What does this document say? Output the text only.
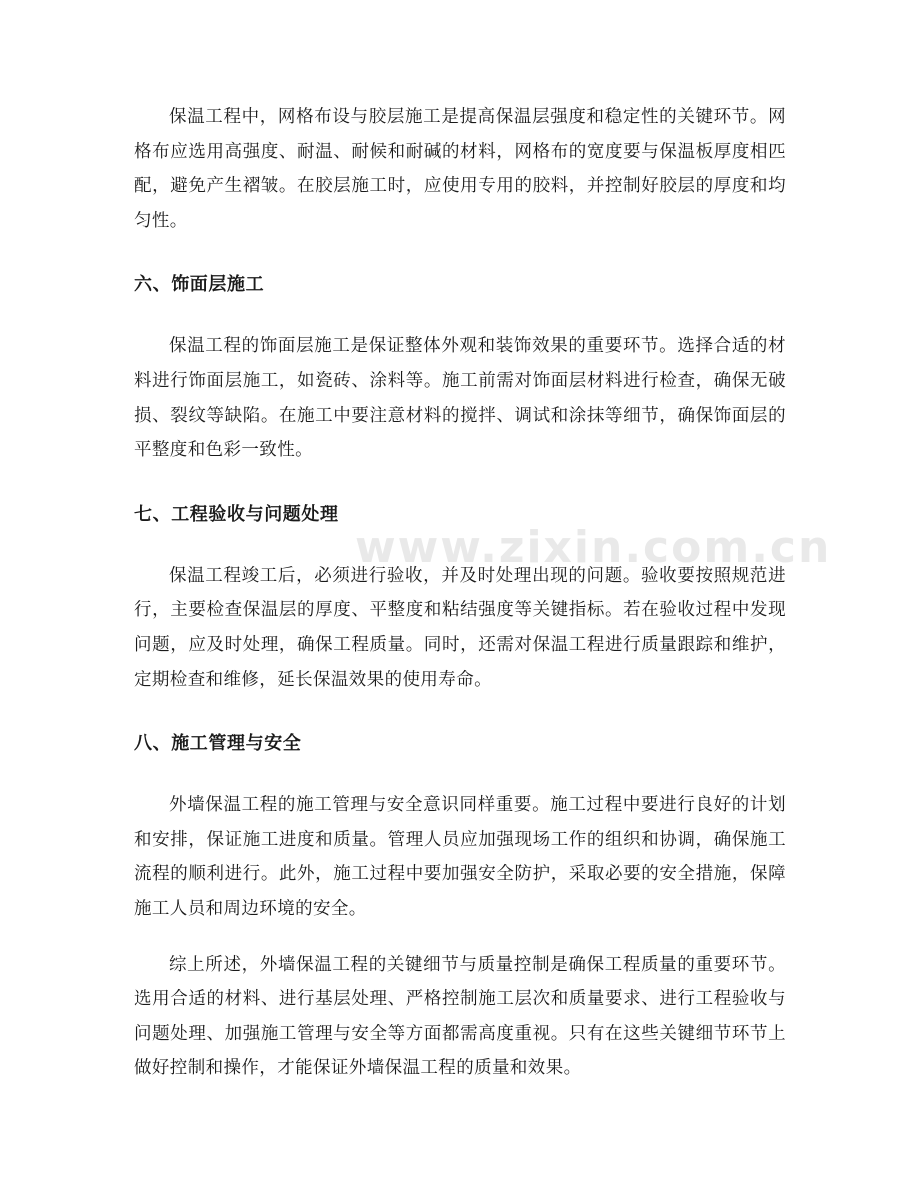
www.zixin.com.cn

保温工程中，网格布设与胶层施工是提高保温层强度和稳定性的关键环节。网格布应选用高强度、耐温、耐候和耐碱的材料，网格布的宽度要与保温板厚度相匹配，避免产生褶皱。在胶层施工时，应使用专用的胶料，并控制好胶层的厚度和均匀性。

六、饰面层施工

保温工程的饰面层施工是保证整体外观和装饰效果的重要环节。选择合适的材料进行饰面层施工，如瓷砖、涂料等。施工前需对饰面层材料进行检查，确保无破损、裂纹等缺陷。在施工中要注意材料的搅拌、调试和涂抹等细节，确保饰面层的平整度和色彩一致性。

七、工程验收与问题处理

保温工程竣工后，必须进行验收，并及时处理出现的问题。验收要按照规范进行，主要检查保温层的厚度、平整度和粘结强度等关键指标。若在验收过程中发现问题，应及时处理，确保工程质量。同时，还需对保温工程进行质量跟踪和维护，定期检查和维修，延长保温效果的使用寿命。

八、施工管理与安全

外墙保温工程的施工管理与安全意识同样重要。施工过程中要进行良好的计划和安排，保证施工进度和质量。管理人员应加强现场工作的组织和协调，确保施工流程的顺利进行。此外，施工过程中要加强安全防护，采取必要的安全措施，保障施工人员和周边环境的安全。

综上所述，外墙保温工程的关键细节与质量控制是确保工程质量的重要环节。选用合适的材料、进行基层处理、严格控制施工层次和质量要求、进行工程验收与问题处理、加强施工管理与安全等方面都需高度重视。只有在这些关键细节环节上做好控制和操作，才能保证外墙保温工程的质量和效果。
